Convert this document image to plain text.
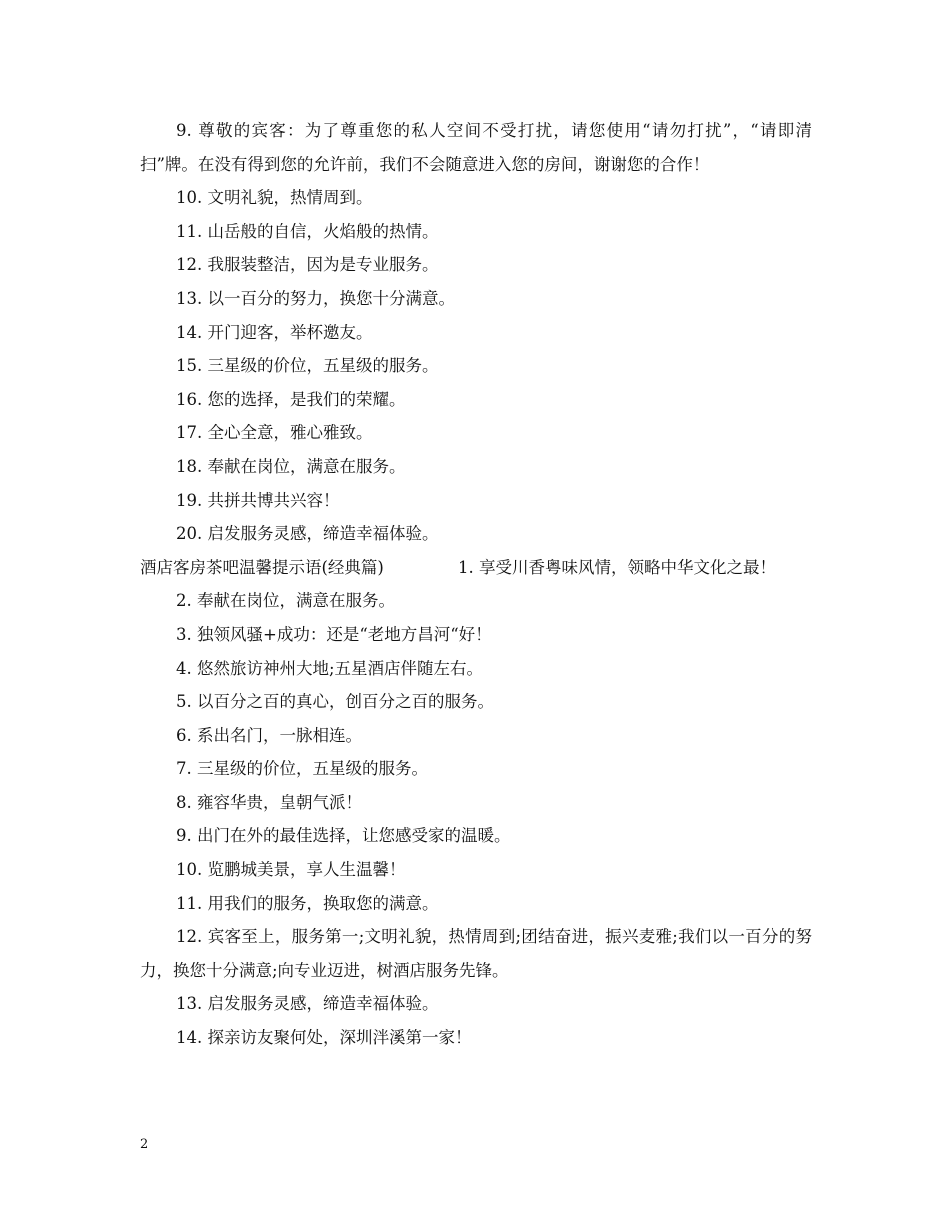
9. 尊敬的宾客：为了尊重您的私人空间不受打扰，请您使用“请勿打扰”，“请即清扫”牌。在没有得到您的允许前，我们不会随意进入您的房间，谢谢您的合作！

10. 文明礼貌，热情周到。

11. 山岳般的自信，火焰般的热情。

12. 我服装整洁，因为是专业服务。

13. 以一百分的努力，换您十分满意。

14. 开门迎客，举杯邀友。

15. 三星级的价位，五星级的服务。

16. 您的选择，是我们的荣耀。

17. 全心全意，雅心雅致。

18. 奉献在岗位，满意在服务。

19. 共拼共博共兴容！

20. 启发服务灵感，缔造幸福体验。

酒店客房茶吧温馨提示语(经典篇)	1. 享受川香粤味风情，领略中华文化之最！

2. 奉献在岗位，满意在服务。

3. 独领风骚+成功：还是“老地方昌河“好！

4. 悠然旅访神州大地;五星酒店伴随左右。

5. 以百分之百的真心，创百分之百的服务。

6. 系出名门，一脉相连。

7. 三星级的价位，五星级的服务。

8. 雍容华贵，皇朝气派！

9. 出门在外的最佳选择，让您感受家的温暖。

10. 览鹏城美景，享人生温馨！

11. 用我们的服务，换取您的满意。

12. 宾客至上，服务第一;文明礼貌，热情周到;团结奋进，振兴麦雅;我们以一百分的努力，换您十分满意;向专业迈进，树酒店服务先锋。

13. 启发服务灵感，缔造幸福体验。

14. 探亲访友聚何处，深圳泮溪第一家！

2
